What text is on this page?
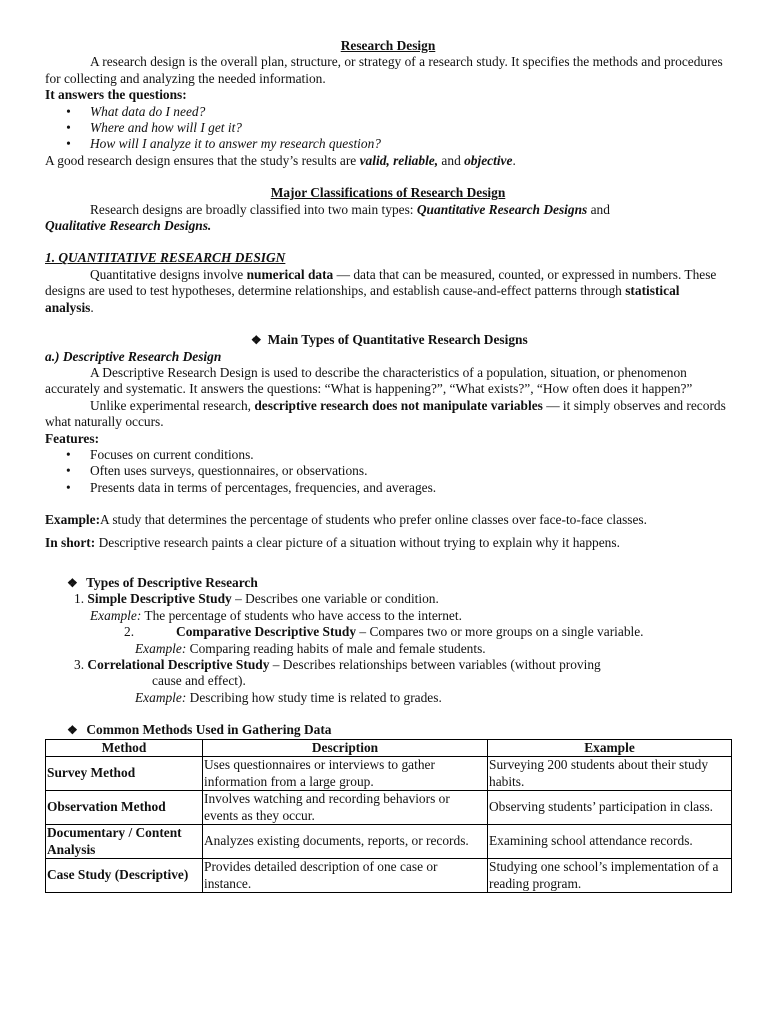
Research Design

A research design is the overall plan, structure, or strategy of a research study. It specifies the methods and procedures for collecting and analyzing the needed information.

It answers the questions:

• What data do I need?
• Where and how will I get it?
• How will I analyze it to answer my research question?

A good research design ensures that the study’s results are valid, reliable, and objective.

Major Classifications of Research Design

Research designs are broadly classified into two main types: Quantitative Research Designs and

Qualitative Research Designs.

1. QUANTITATIVE RESEARCH DESIGN

Quantitative designs involve numerical data — data that can be measured, counted, or expressed in numbers. These designs are used to test hypotheses, determine relationships, and establish cause-and-effect patterns through statistical analysis.

❖ Main Types of Quantitative Research Designs

a.) Descriptive Research Design

A Descriptive Research Design is used to describe the characteristics of a population, situation, or phenomenon accurately and systematic. It answers the questions: “What is happening?”, “What exists?”, “How often does it happen?”

Unlike experimental research, descriptive research does not manipulate variables — it simply observes and records what naturally occurs.

Features:

• Focuses on current conditions.
• Often uses surveys, questionnaires, or observations.
• Presents data in terms of percentages, frequencies, and averages.

Example:A study that determines the percentage of students who prefer online classes over face-to-face classes.

In short: Descriptive research paints a clear picture of a situation without trying to explain why it happens.

❖ Types of Descriptive Research

1. Simple Descriptive Study – Describes one variable or condition.

Example: The percentage of students who have access to the internet.

2.	Comparative Descriptive Study – Compares two or more groups on a single variable.

Example: Comparing reading habits of male and female students.

3. Correlational Descriptive Study – Describes relationships between variables (without proving

cause and effect).

Example: Describing how study time is related to grades.

❖ Common Methods Used in Gathering Data

Method	Description	Example
Survey Method	Uses questionnaires or interviews to gather information from a large group.	Surveying 200 students about their study habits.
Observation Method	Involves watching and recording behaviors or events as they occur.	Observing students’ participation in class.
Documentary / Content Analysis	Analyzes existing documents, reports, or records.	Examining school attendance records.
Case Study (Descriptive)	Provides detailed description of one case or instance.	Studying one school’s implementation of a reading program.
